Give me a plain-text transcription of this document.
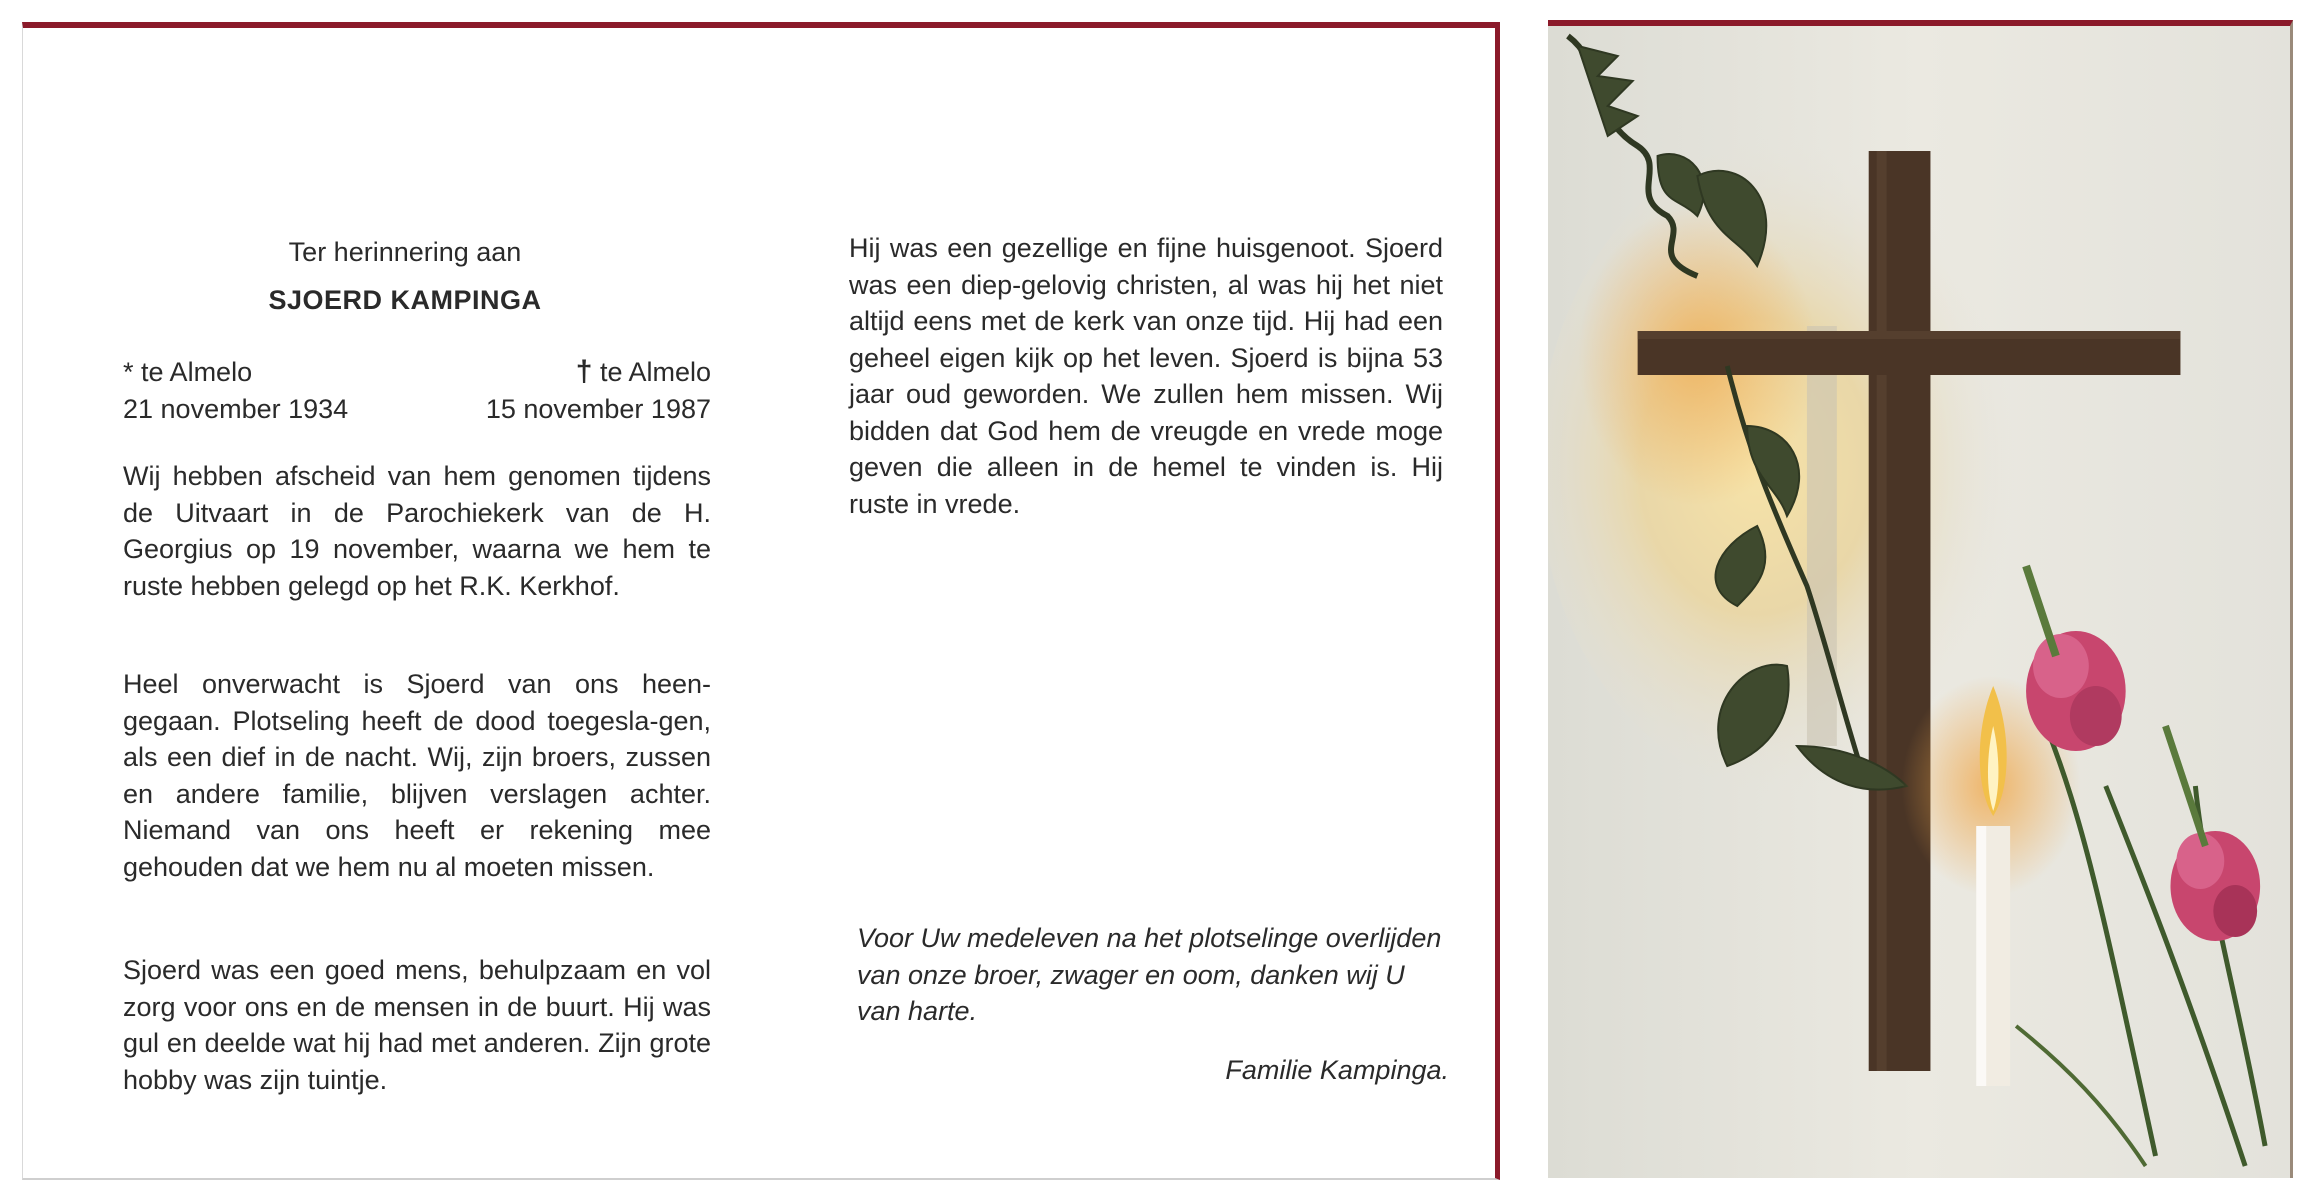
Ter herinnering aan

SJOERD KAMPINGA

* te Almelo
21 november 1934
† te Almelo
15 november 1987

Wij hebben afscheid van hem genomen tijdens de Uitvaart in de Parochiekerk van de H. Georgius op 19 november, waarna we hem te ruste hebben gelegd op het R.K. Kerkhof.

Heel onverwacht is Sjoerd van ons heen-gegaan. Plotseling heeft de dood toegesla-gen, als een dief in de nacht. Wij, zijn broers, zussen en andere familie, blijven verslagen achter. Niemand van ons heeft er rekening mee gehouden dat we hem nu al moeten missen.

Sjoerd was een goed mens, behulpzaam en vol zorg voor ons en de mensen in de buurt. Hij was gul en deelde wat hij had met anderen. Zijn grote hobby was zijn tuintje.

Hij was een gezellige en fijne huisgenoot. Sjoerd was een diep-gelovig christen, al was hij het niet altijd eens met de kerk van onze tijd. Hij had een geheel eigen kijk op het leven. Sjoerd is bijna 53 jaar oud geworden. We zullen hem missen. Wij bidden dat God hem de vreugde en vrede moge geven die alleen in de hemel te vinden is. Hij ruste in vrede.

Voor Uw medeleven na het plotselinge overlijden van onze broer, zwager en oom, danken wij U van harte.

Familie Kampinga.
